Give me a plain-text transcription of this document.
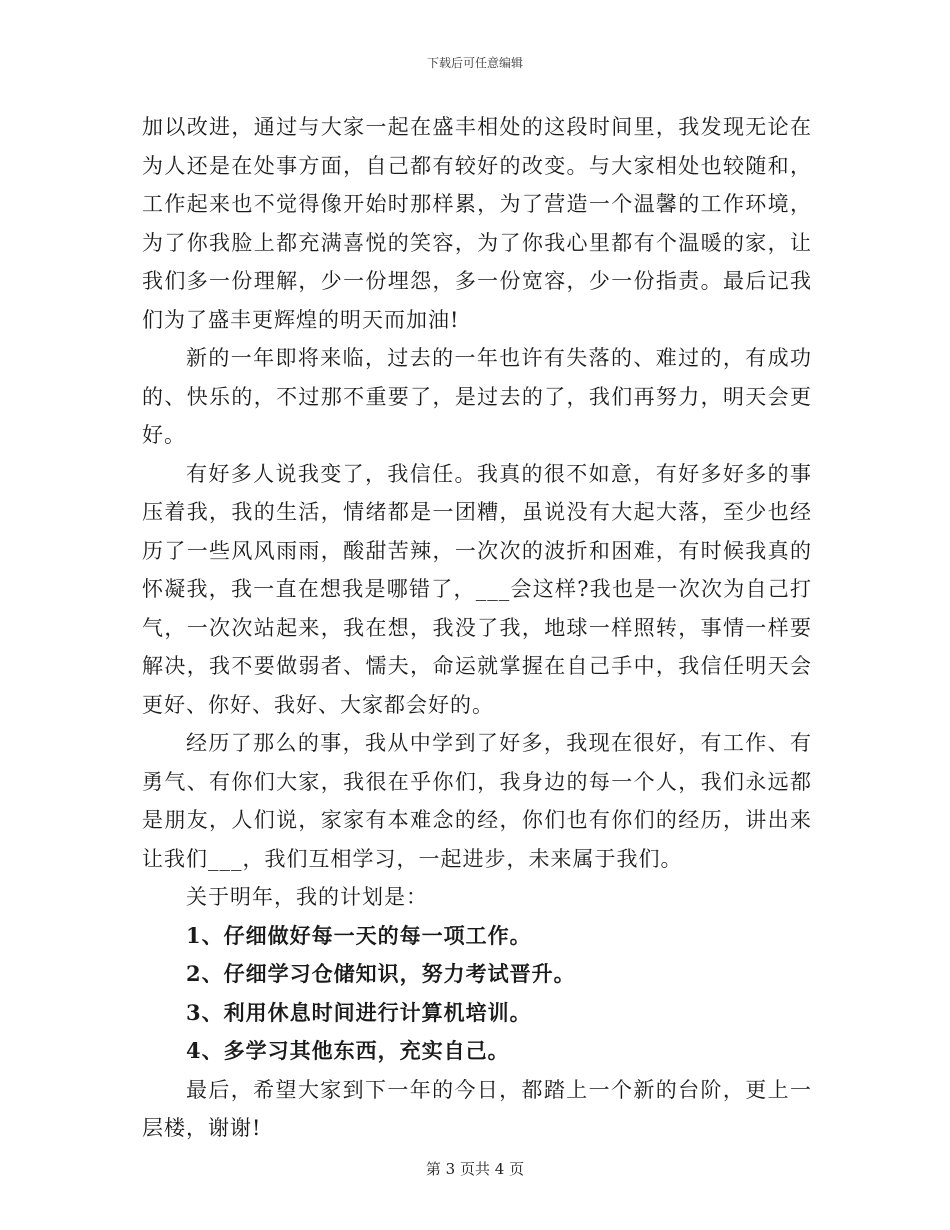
下载后可任意编辑

加以改进，通过与大家一起在盛丰相处的这段时间里，我发现无论在为人还是在处事方面，自己都有较好的改变。与大家相处也较随和，工作起来也不觉得像开始时那样累，为了营造一个温馨的工作环境，为了你我脸上都充满喜悦的笑容，为了你我心里都有个温暖的家，让我们多一份理解，少一份埋怨，多一份宽容，少一份指责。最后记我们为了盛丰更辉煌的明天而加油!

新的一年即将来临，过去的一年也许有失落的、难过的，有成功的、快乐的，不过那不重要了，是过去的了，我们再努力，明天会更好。

有好多人说我变了，我信任。我真的很不如意，有好多好多的事压着我，我的生活，情绪都是一团糟，虽说没有大起大落，至少也经历了一些风风雨雨，酸甜苦辣，一次次的波折和困难，有时候我真的怀凝我，我一直在想我是哪错了，___会这样?我也是一次次为自己打气，一次次站起来，我在想，我没了我，地球一样照转，事情一样要解决，我不要做弱者、懦夫，命运就掌握在自己手中，我信任明天会更好、你好、我好、大家都会好的。

经历了那么的事，我从中学到了好多，我现在很好，有工作、有勇气、有你们大家，我很在乎你们，我身边的每一个人，我们永远都是朋友，人们说，家家有本难念的经，你们也有你们的经历，讲出来让我们___，我们互相学习，一起进步，未来属于我们。

关于明年，我的计划是：

1、仔细做好每一天的每一项工作。

2、仔细学习仓储知识，努力考试晋升。

3、利用休息时间进行计算机培训。

4、多学习其他东西，充实自己。

最后，希望大家到下一年的今日，都踏上一个新的台阶，更上一层楼，谢谢!

第 3 页共 4 页
